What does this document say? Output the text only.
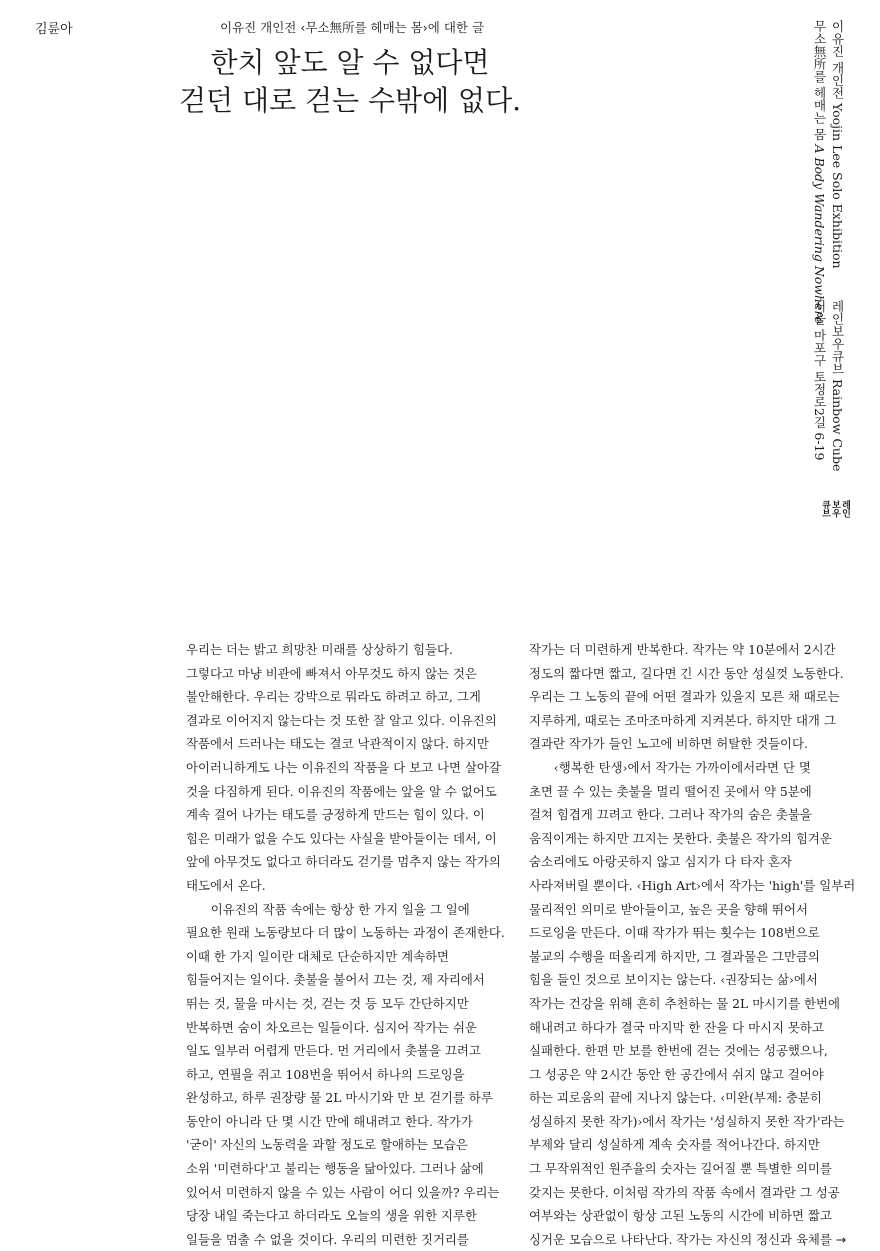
김륜아	이유진 개인전 ‹무소無所를 헤매는 몸›에 대한 글
한치 앞도 알 수 없다면
걷던 대로 걷는 수밖에 없다.	이유진 개인전 Yoojin Lee Solo Exhibition
무소無所를 헤매는 몸 A Body Wandering Nowhere
레인보우큐브 Rainbow Cube
서울 마포구 토정로2길 6-19
레인
보우
큐브
우리는 더는 밝고 희망찬 미래를 상상하기 힘들다.
그렇다고 마냥 비관에 빠져서 아무것도 하지 않는 것은
불안해한다. 우리는 강박으로 뭐라도 하려고 하고, 그게
결과로 이어지지 않는다는 것 또한 잘 알고 있다. 이유진의
작품에서 드러나는 태도는 결코 낙관적이지 않다. 하지만
아이러니하게도 나는 이유진의 작품을 다 보고 나면 살아갈
것을 다짐하게 된다. 이유진의 작품에는 앞을 알 수 없어도
계속 걸어 나가는 태도를 긍정하게 만드는 힘이 있다. 이
힘은 미래가 없을 수도 있다는 사실을 받아들이는 데서, 이
앞에 아무것도 없다고 하더라도 걷기를 멈추지 않는 작가의
태도에서 온다.
이유진의 작품 속에는 항상 한 가지 일을 그 일에
필요한 원래 노동량보다 더 많이 노동하는 과정이 존재한다.
이때 한 가지 일이란 대체로 단순하지만 계속하면
힘들어지는 일이다. 촛불을 불어서 끄는 것, 제 자리에서
뛰는 것, 물을 마시는 것, 걷는 것 등 모두 간단하지만
반복하면 숨이 차오르는 일들이다. 심지어 작가는 쉬운
일도 일부러 어렵게 만든다. 먼 거리에서 촛불을 끄려고
하고, 연필을 쥐고 108번을 뛰어서 하나의 드로잉을
완성하고, 하루 권장량 물 2L 마시기와 만 보 걷기를 하루
동안이 아니라 단 몇 시간 만에 해내려고 한다. 작가가
'굳이' 자신의 노동력을 과할 정도로 할애하는 모습은
소위 '미련하다'고 불리는 행동을 닮아있다. 그러나 삶에
있어서 미련하지 않을 수 있는 사람이 어디 있을까? 우리는
당장 내일 죽는다고 하더라도 오늘의 생을 위한 지루한
일들을 멈출 수 없을 것이다. 우리의 미련한 짓거리를
작가는 더 미련하게 반복한다. 작가는 약 10분에서 2시간
정도의 짧다면 짧고, 길다면 긴 시간 동안 성실껏 노동한다.
우리는 그 노동의 끝에 어떤 결과가 있을지 모른 채 때로는
지루하게, 때로는 조마조마하게 지켜본다. 하지만 대개 그
결과란 작가가 들인 노고에 비하면 허탈한 것들이다.
‹행복한 탄생›에서 작가는 가까이에서라면 단 몇
초면 끌 수 있는 촛불을 멀리 떨어진 곳에서 약 5분에
걸쳐 힘겹게 끄려고 한다. 그러나 작가의 숨은 촛불을
움직이게는 하지만 끄지는 못한다. 촛불은 작가의 힘겨운
숨소리에도 아랑곳하지 않고 심지가 다 타자 혼자
사라져버릴 뿐이다. ‹High Art›에서 작가는 'high'를 일부러
물리적인 의미로 받아들이고, 높은 곳을 향해 뛰어서
드로잉을 만든다. 이때 작가가 뛰는 횟수는 108번으로
불교의 수행을 떠올리게 하지만, 그 결과물은 그만큼의
힘을 들인 것으로 보이지는 않는다. ‹권장되는 삶›에서
작가는 건강을 위해 흔히 추천하는 물 2L 마시기를 한번에
해내려고 하다가 결국 마지막 한 잔을 다 마시지 못하고
실패한다. 한편 만 보를 한번에 걷는 것에는 성공했으나,
그 성공은 약 2시간 동안 한 공간에서 쉬지 않고 걸어야
하는 괴로움의 끝에 지나지 않는다. ‹미완(부제: 충분히
성실하지 못한 작가)›에서 작가는 '성실하지 못한 작가'라는
부제와 달리 성실하게 계속 숫자를 적어나간다. 하지만
그 무작위적인 원주율의 숫자는 길어질 뿐 특별한 의미를
갖지는 못한다. 이처럼 작가의 작품 속에서 결과란 그 성공
여부와는 상관없이 항상 고된 노동의 시간에 비하면 짧고
싱거운 모습으로 나타난다. 작가는 자신의 정신과 육체를 →
